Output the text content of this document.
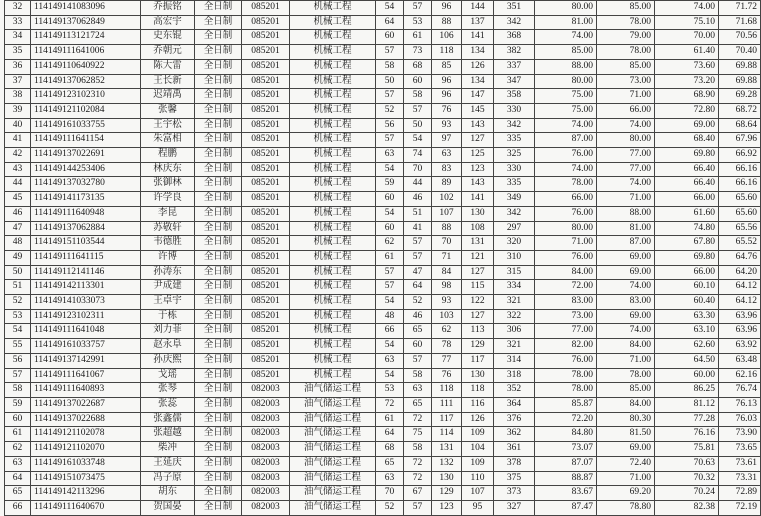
32	114149141083096	乔振铭	全日制	085201	机械工程	54	57	96	144	351	80.00	85.00	74.00	71.72
33	114149137062849	高宏宇	全日制	085201	机械工程	64	53	88	137	342	81.00	78.00	75.10	71.68
34	114149113121724	史东锟	全日制	085201	机械工程	60	61	106	141	368	74.00	79.00	70.00	70.56
35	114149111641006	乔朝元	全日制	085201	机械工程	57	73	118	134	382	85.00	78.00	61.40	70.40
36	114149110640922	陈大雷	全日制	085201	机械工程	58	68	85	126	337	88.00	85.00	73.60	69.88
37	114149137062852	王长新	全日制	085201	机械工程	50	60	96	134	347	80.00	73.00	73.20	69.88
38	114149123102310	迟靖禹	全日制	085201	机械工程	57	58	96	147	358	75.00	71.00	68.90	69.28
39	114149121102084	张馨	全日制	085201	机械工程	52	57	76	145	330	75.00	66.00	72.80	68.72
40	114149161033755	王宇松	全日制	085201	机械工程	56	50	93	143	342	74.00	74.00	69.00	68.64
41	114149111641154	朱富相	全日制	085201	机械工程	57	54	97	127	335	87.00	80.00	68.40	67.96
42	114149137022691	程鹏	全日制	085201	机械工程	63	74	63	125	325	76.00	77.00	69.80	66.92
43	114149144253406	林庆东	全日制	085201	机械工程	54	70	83	123	330	74.00	77.00	66.40	66.16
44	114149137032780	张御林	全日制	085201	机械工程	59	44	89	143	335	78.00	74.00	66.40	66.16
45	114149141173135	许学良	全日制	085201	机械工程	60	46	102	141	349	66.00	71.00	66.00	65.60
46	114149111640948	李昆	全日制	085201	机械工程	54	51	107	130	342	76.00	88.00	61.60	65.60
47	114149137062884	苏敬轩	全日制	085201	机械工程	60	41	88	108	297	80.00	81.00	74.80	65.56
48	114149151103544	韦德胜	全日制	085201	机械工程	62	57	70	131	320	71.00	87.00	67.80	65.52
49	114149111641115	许博	全日制	085201	机械工程	61	57	71	121	310	76.00	69.00	69.80	64.76
50	114149112141146	孙涛东	全日制	085201	机械工程	57	47	84	127	315	84.00	69.00	66.00	64.20
51	114149142113301	尹成建	全日制	085201	机械工程	57	64	98	115	334	72.00	74.00	60.10	64.12
52	114149141033073	王卓宇	全日制	085201	机械工程	54	52	93	122	321	83.00	83.00	60.40	64.12
53	114149123102311	于栋	全日制	085201	机械工程	48	46	103	127	322	73.00	69.00	63.30	63.96
54	114149111641048	刘力菲	全日制	085201	机械工程	66	65	62	113	306	77.00	74.00	63.10	63.96
55	114149161033757	赵永阜	全日制	085201	机械工程	54	60	78	129	321	82.00	84.00	62.60	63.92
56	114149137142991	孙庆熙	全日制	085201	机械工程	63	57	77	117	314	76.00	71.00	64.50	63.48
57	114149111641067	戈瑶	全日制	085201	机械工程	54	58	76	130	318	78.00	78.00	60.00	62.16
58	114149111640893	张琴	全日制	082003	油气储运工程	53	63	118	118	352	78.00	85.00	86.25	76.74
59	114149137022687	张蕊	全日制	082003	油气储运工程	72	65	111	116	364	85.87	84.00	81.12	76.13
60	114149137022688	张鑫儒	全日制	082003	油气储运工程	61	72	117	126	376	72.20	80.30	77.28	76.03
61	114149121102078	张超越	全日制	082003	油气储运工程	64	75	114	109	362	84.80	81.50	76.16	73.90
62	114149121102070	柴冲	全日制	082003	油气储运工程	68	58	131	104	361	73.07	69.00	75.81	73.65
63	114149161033748	王延庆	全日制	082003	油气储运工程	65	72	132	109	378	87.07	72.40	70.63	73.61
64	114149151073475	冯子原	全日制	082003	油气储运工程	63	72	130	110	375	88.87	71.00	70.32	73.31
65	114149142113296	胡东	全日制	082003	油气储运工程	70	67	129	107	373	83.67	69.20	70.24	72.89
66	114149111640670	贺国晏	全日制	082003	油气储运工程	52	57	123	95	327	87.47	78.80	82.38	72.19
